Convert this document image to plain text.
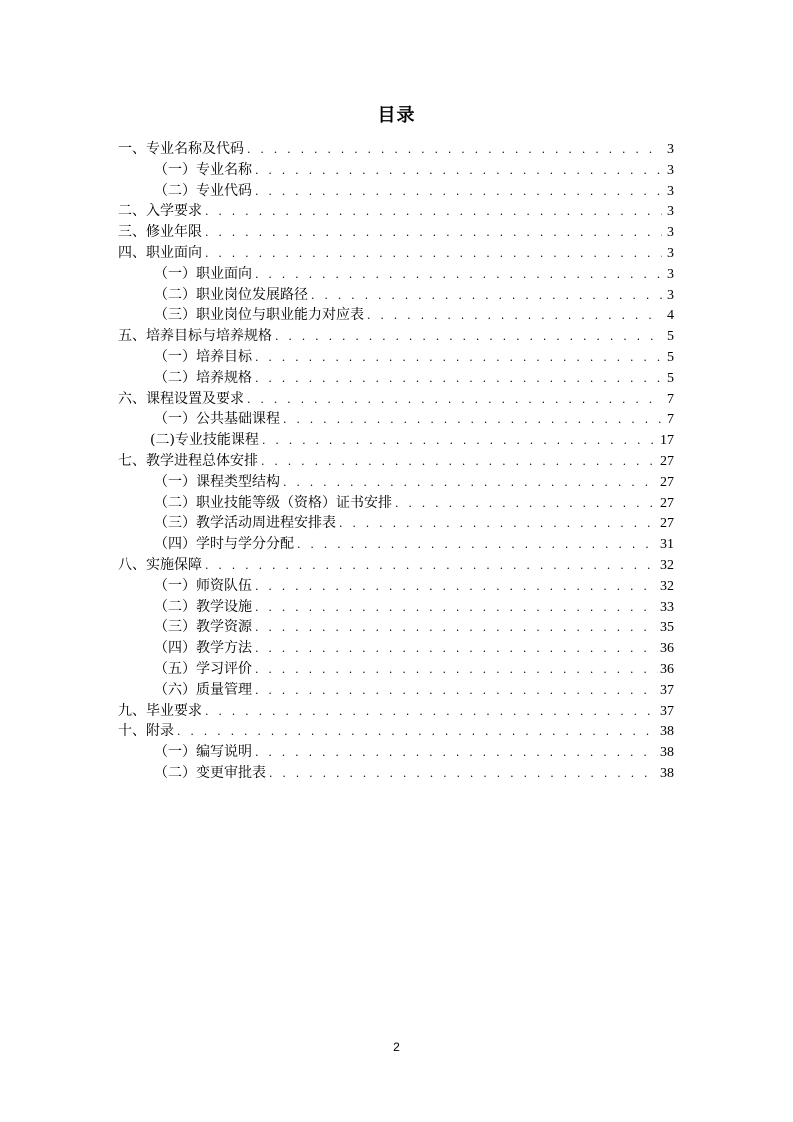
目录
一、专业名称及代码 . . .	3
（一）专业名称 . . .	3
（二）专业代码 . . .	3
二、入学要求 . . .	3
三、修业年限 . . .	3
四、职业面向 . . .	3
（一）职业面向 . . .	3
（二）职业岗位发展路径 . . .	3
（三）职业岗位与职业能力对应表 . . .	4
五、培养目标与培养规格 . . .	5
（一）培养目标 . . .	5
（二）培养规格 . . .	5
六、课程设置及要求 . . .	7
（一）公共基础课程 . . .	7
(二)专业技能课程 . . .	17
七、教学进程总体安排 . . .	27
（一）课程类型结构 . . .	27
（二）职业技能等级（资格）证书安排 . . .	27
（三）教学活动周进程安排表 . . .	27
（四）学时与学分分配 . . .	31
八、实施保障 . . .	32
（一）师资队伍 . . .	32
（二）教学设施 . . .	33
（三）教学资源 . . .	35
（四）教学方法 . . .	36
（五）学习评价 . . .	36
（六）质量管理 . . .	37
九、毕业要求 . . .	37
十、附录 . . .	38
（一）编写说明 . . .	38
（二）变更审批表 . . .	38
2
